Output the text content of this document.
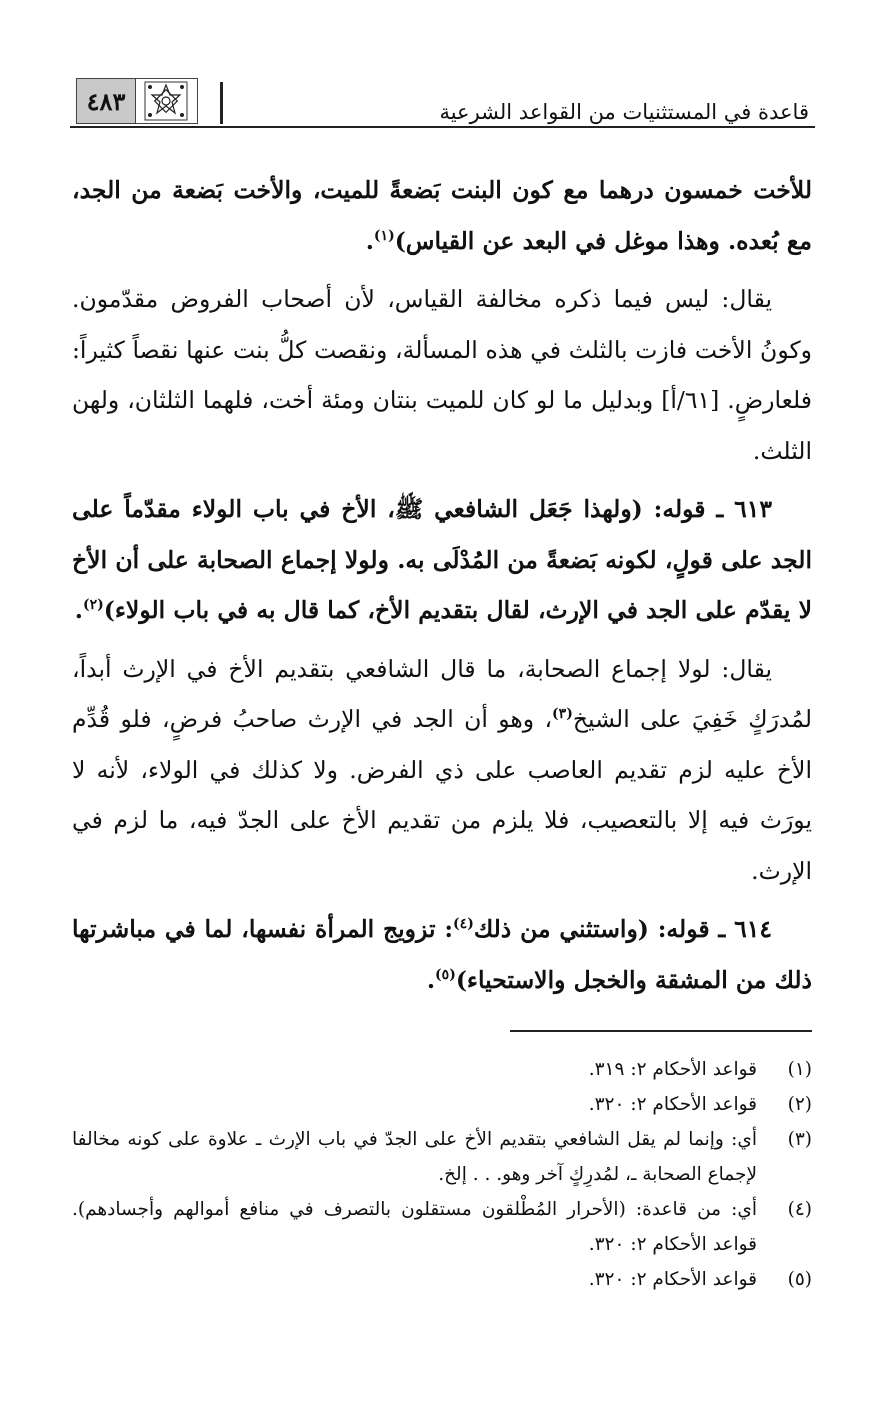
٤٨٣	قاعدة في المستثنيات من القواعد الشرعية

للأخت خمسون درهما مع كون البنت بَضعةً للميت، والأخت بَضعة من الجد، مع بُعده. وهذا موغل في البعد عن القياس)$^{(١)}$.

يقال: ليس فيما ذكره مخالفة القياس، لأن أصحاب الفروض مقدّمون. وكونُ الأخت فازت بالثلث في هذه المسألة، ونقصت كلُّ بنت عنها نقصاً كثيراً: فلعارضٍ. [٦١/أ] وبدليل ما لو كان للميت بنتان ومئة أخت، فلهما الثلثان، ولهن الثلث.

٦١٣ ـ قوله: (ولهذا جَعَل الشافعي ﷺ، الأخ في باب الولاء مقدّماً على الجد على قولٍ، لكونه بَضعةً من المُدْلَى به. ولولا إجماع الصحابة على أن الأخ لا يقدّم على الجد في الإرث، لقال بتقديم الأخ، كما قال به في باب الولاء)$^{(٢)}$.

يقال: لولا إجماع الصحابة، ما قال الشافعي بتقديم الأخ في الإرث أبداً، لمُدرَكٍ خَفِيَ على الشيخ$^{(٣)}$، وهو أن الجد في الإرث صاحبُ فرضٍ، فلو قُدِّم الأخ عليه لزم تقديم العاصب على ذي الفرض. ولا كذلك في الولاء، لأنه لا يورَث فيه إلا بالتعصيب، فلا يلزم من تقديم الأخ على الجدّ فيه، ما لزم في الإرث.

٦١٤ ـ قوله: (واستثني من ذلك$^{(٤)}$: تزويج المرأة نفسها، لما في مباشرتها ذلك من المشقة والخجل والاستحياء)$^{(٥)}$.

(١)
قواعد الأحكام ٢: ٣١٩.
(٢)
قواعد الأحكام ٢: ٣٢٠.
(٣)
أي: وإنما لم يقل الشافعي بتقديم الأخ على الجدّ في باب الإرث ـ علاوة على كونه مخالفا لإجماع الصحابة ـ، لمُدرِكٍ آخر وهو. . . إلخ.
(٤)
أي: من قاعدة: (الأحرار المُطْلقون مستقلون بالتصرف في منافع أموالهم وأجسادهم). قواعد الأحكام ٢: ٣٢٠.
(٥)
قواعد الأحكام ٢: ٣٢٠.
